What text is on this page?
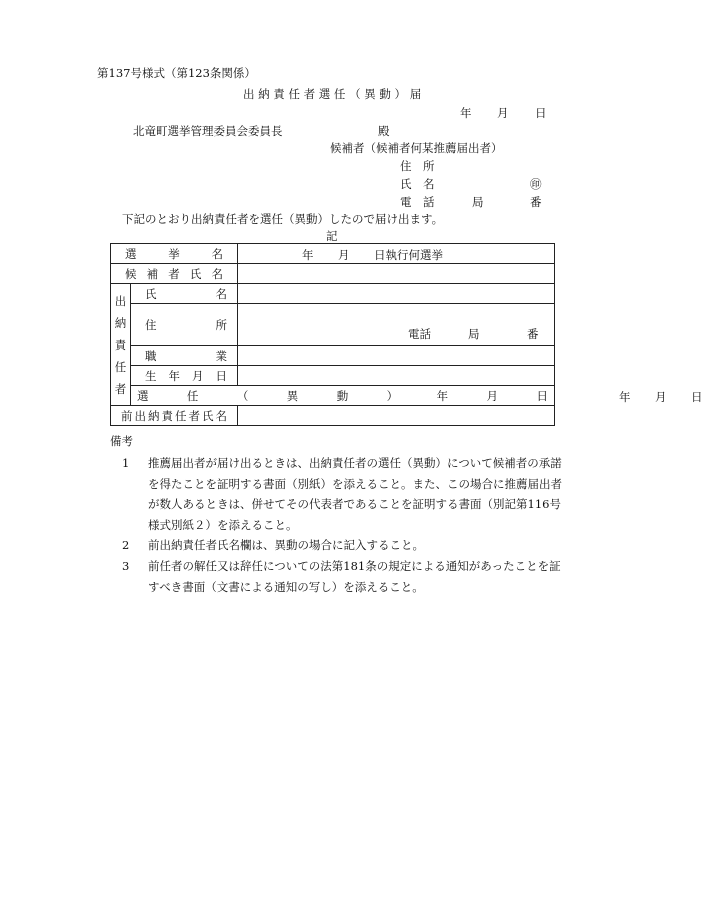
第137号様式（第123条関係）
出 納 責 任 者 選 任 （ 異 動 ） 届
年 月 日
北竜町選挙管理委員会委員長	殿
候補者（候補者何某推薦届出者）
住　所
氏　名	㊞
電　話	局	番
下記のとおり出納責任者を選任（異動）したので届け出ます。
記
選挙名		年 月 日執行何選挙	

候補者氏名			

出
納
責
任
者	氏名		

	住所	電話 局 番	

	職業		

	生年月日		

	選任（異動）年月日		年 月 日

前出納責任者氏名			

備考
1 推薦届出者が届け出るときは、出納責任者の選任（異動）について候補者の承諾を得たことを証明する書面（別紙）を添えること。また、この場合に推薦届出者が数人あるときは、併せてその代表者であることを証明する書面（別記第116号様式別紙２）を添えること。
2 前出納責任者氏名欄は、異動の場合に記入すること。
3 前任者の解任又は辞任についての法第181条の規定による通知があったことを証すべき書面（文書による通知の写し）を添えること。
